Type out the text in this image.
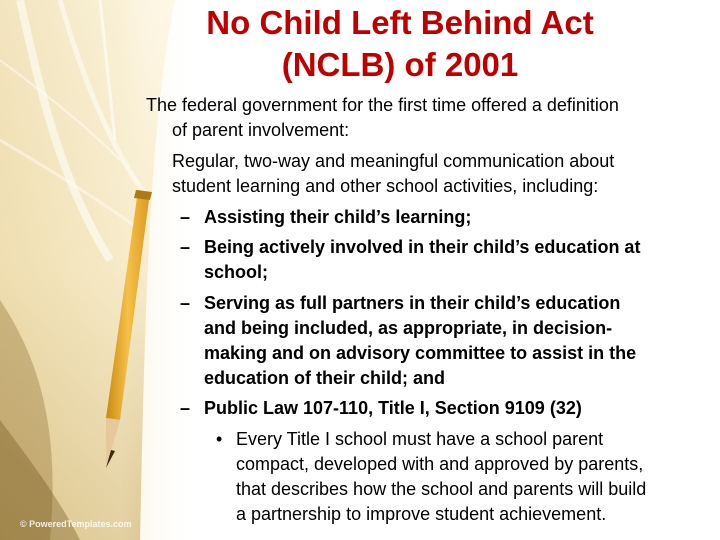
No Child Left Behind Act
(NCLB) of 2001
The federal government for the first time offered a definition
of parent involvement:
Regular, two-way and meaningful communication about
student learning and other school activities, including:
– Assisting their child’s learning;
– Being actively involved in their child’s education at
school;
– Serving as full partners in their child’s education
and being included, as appropriate, in decision-
making and on advisory committee to assist in the
education of their child; and
– Public Law 107-110, Title I, Section 9109 (32)
• Every Title I school must have a school parent
compact, developed with and approved by parents,
that describes how the school and parents will build
a partnership to improve student achievement.
© PoweredTemplates.com
